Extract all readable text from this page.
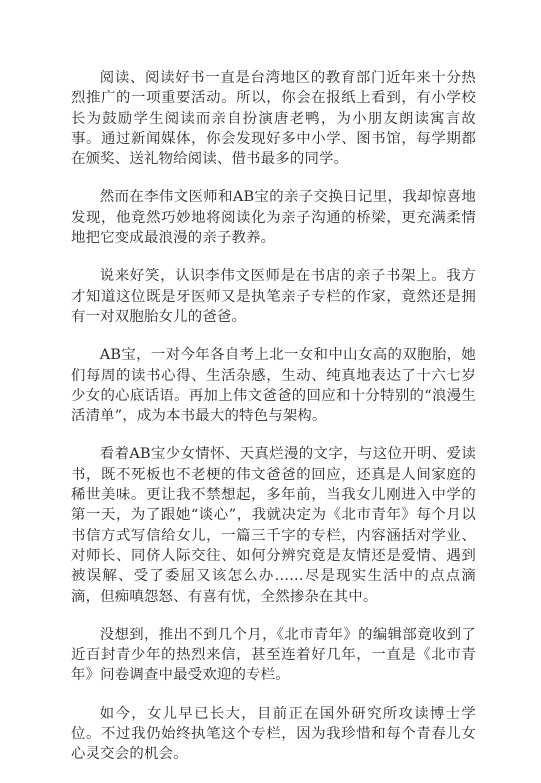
阅读、阅读好书一直是台湾地区的教育部门近年来十分热烈推广的一项重要活动。所以，你会在报纸上看到，有小学校长为鼓励学生阅读而亲自扮演唐老鸭，为小朋友朗读寓言故事。通过新闻媒体，你会发现好多中小学、图书馆，每学期都在颁奖、送礼物给阅读、借书最多的同学。

然而在李伟文医师和AB宝的亲子交换日记里，我却惊喜地发现，他竟然巧妙地将阅读化为亲子沟通的桥梁，更充满柔情地把它变成最浪漫的亲子教养。

说来好笑，认识李伟文医师是在书店的亲子书架上。我方才知道这位既是牙医师又是执笔亲子专栏的作家，竟然还是拥有一对双胞胎女儿的爸爸。

AB宝，一对今年各自考上北一女和中山女高的双胞胎，她们每周的读书心得、生活杂感，生动、纯真地表达了十六七岁少女的心底话语。再加上伟文爸爸的回应和十分特别的“浪漫生活清单”，成为本书最大的特色与架构。

看着AB宝少女情怀、天真烂漫的文字，与这位开明、爱读书，既不死板也不老梗的伟文爸爸的回应，还真是人间家庭的稀世美味。更让我不禁想起，多年前，当我女儿刚进入中学的第一天，为了跟她“谈心”，我就决定为《北市青年》每个月以书信方式写信给女儿，一篇三千字的专栏，内容涵括对学业、对师长、同侪人际交往、如何分辨究竟是友情还是爱情、遇到被误解、受了委屈又该怎么办……尽是现实生活中的点点滴滴，但痴嗔怨怒、有喜有忧，全然掺杂在其中。

没想到，推出不到几个月，《北市青年》的编辑部竟收到了近百封青少年的热烈来信，甚至连着好几年，一直是《北市青年》问卷调查中最受欢迎的专栏。

如今，女儿早已长大，目前正在国外研究所攻读博士学位。不过我仍始终执笔这个专栏，因为我珍惜和每个青春儿女心灵交会的机会。
